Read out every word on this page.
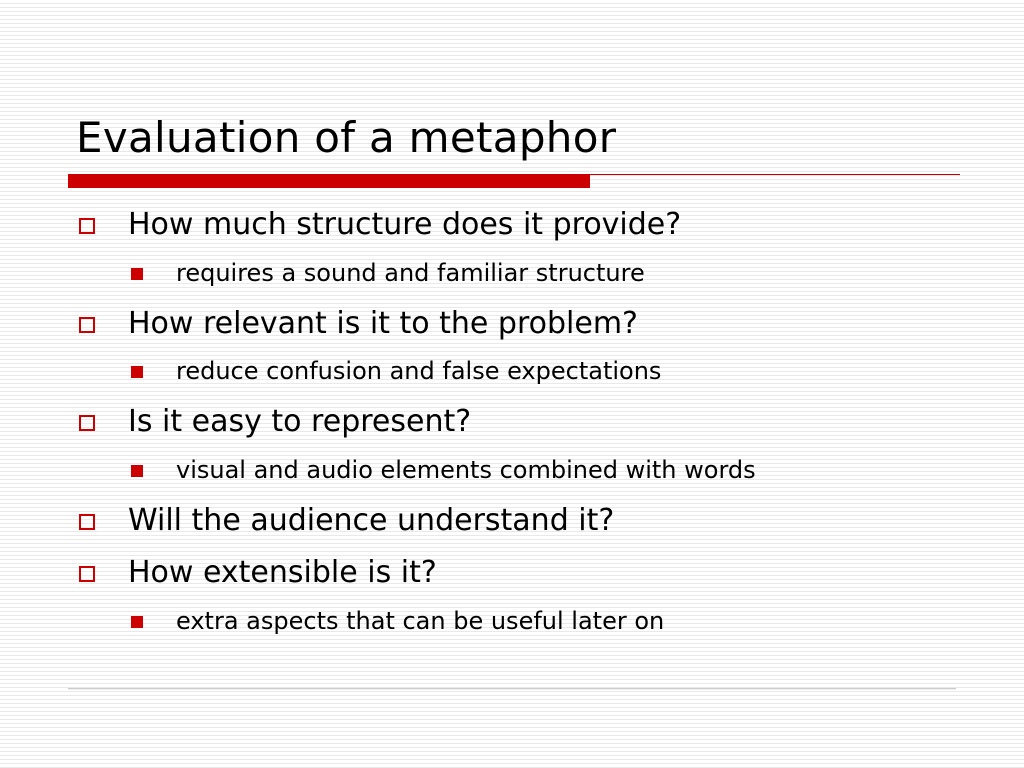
Evaluation of a metaphor
How much structure does it provide?
requires a sound and familiar structure
How relevant is it to the problem?
reduce confusion and false expectations
Is it easy to represent?
visual and audio elements combined with words
Will the audience understand it?
How extensible is it?
extra aspects that can be useful later on
